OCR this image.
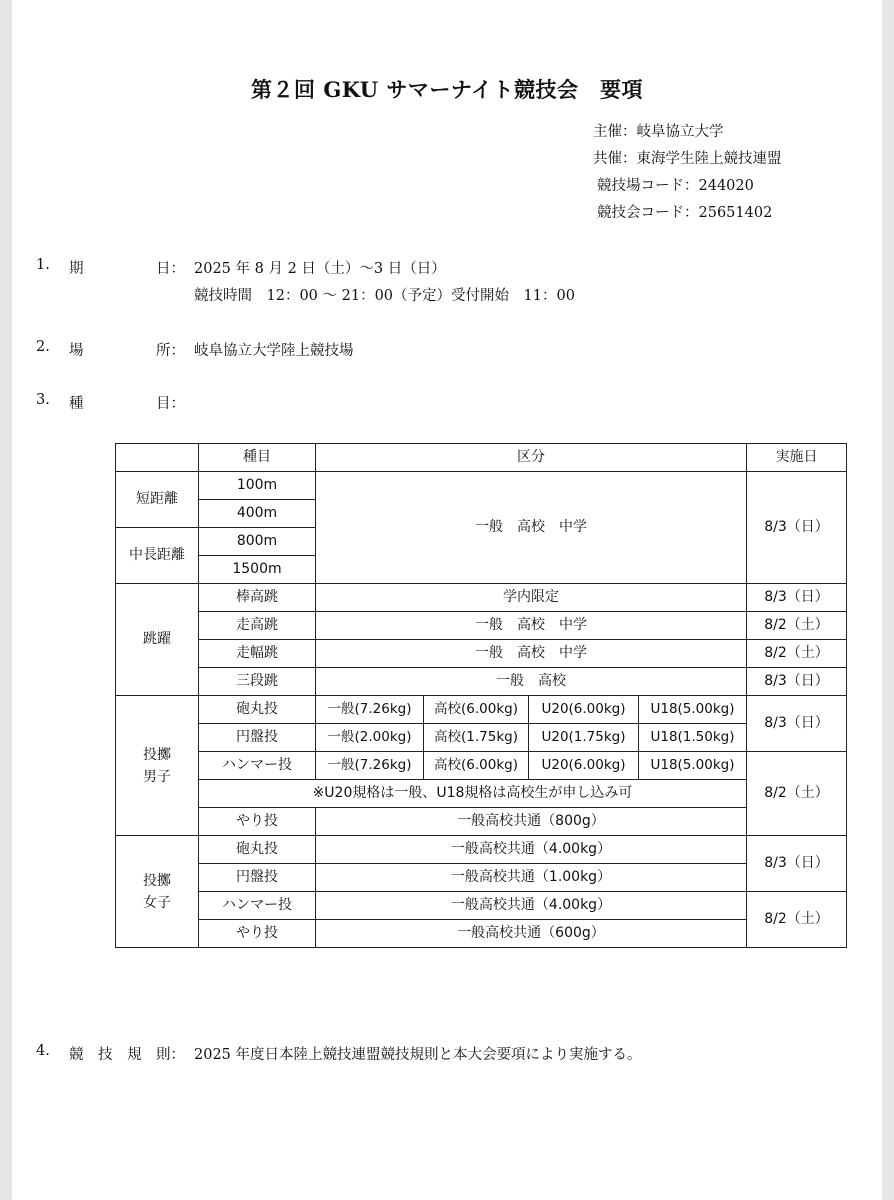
第２回 GKU サマーナイト競技会　要項
主催：岐阜協立大学
共催：東海学生陸上競技連盟
競技場コード：244020
競技会コード：25651402
1. 期　　　　　日： 2025 年 8 月 2 日（土）～3 日（日）
競技時間　12：00 ～ 21：00（予定）受付開始　11：00
2. 場　　　　　所： 岐阜協立大学陸上競技場
3. 種　　　　　目：
	種目	区分				実施日
短距離	100m	一般　高校　中学				8/3（日）
	400m					
中長距離	800m					
	1500m					
跳躍	棒高跳	学内限定				8/3（日）
	走高跳	一般　高校　中学				8/2（土）
	走幅跳	一般　高校　中学				8/2（土）
	三段跳	一般　高校				8/3（日）
投擲
男子	砲丸投	一般(7.26kg)	高校(6.00kg)	U20(6.00kg)	U18(5.00kg)	8/3（日）
	円盤投	一般(2.00kg)	高校(1.75kg)	U20(1.75kg)	U18(1.50kg)	
	ハンマー投	一般(7.26kg)	高校(6.00kg)	U20(6.00kg)	U18(5.00kg)	8/2（土）
	※U20規格は一般、U18規格は高校生が申し込み可					
	やり投	一般高校共通（800g）				
投擲
女子	砲丸投	一般高校共通（4.00kg）				8/3（日）
	円盤投	一般高校共通（1.00kg）				
	ハンマー投	一般高校共通（4.00kg）				8/2（土）
	やり投	一般高校共通（600g）				
4. 競　技　規　則： 2025 年度日本陸上競技連盟競技規則と本大会要項により実施する。
